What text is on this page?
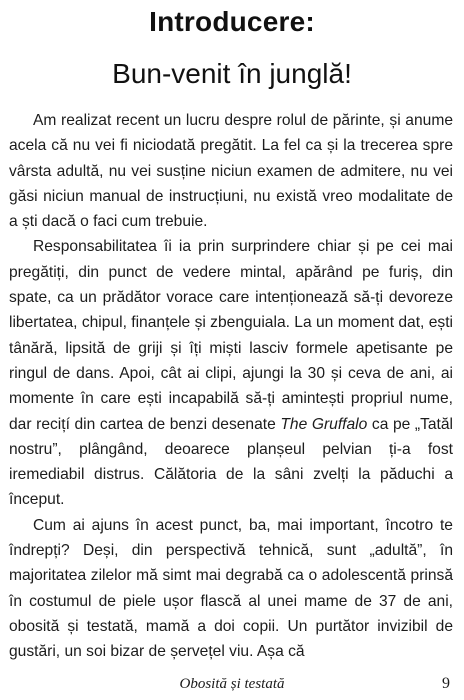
Introducere:
Bun-venit în junglă!

Am realizat recent un lucru despre rolul de părinte, și anume acela că nu vei fi niciodată pregătit. La fel ca și la trecerea spre vârsta adultă, nu vei susține niciun examen de admitere, nu vei găsi niciun manual de instrucțiuni, nu există vreo modalitate de a ști dacă o faci cum trebuie.

Responsabilitatea îi ia prin surprindere chiar și pe cei mai pregătiți, din punct de vedere mintal, apărând pe furiș, din spate, ca un prădător vorace care intenționează să-ți devoreze libertatea, chipul, finanțele și zbenguiala. La un moment dat, ești tânără, lipsită de griji și îți miști lasciv formele apetisante pe ringul de dans. Apoi, cât ai clipi, ajungi la 30 și ceva de ani, ai momente în care ești incapabilă să-ți amintești propriul nume, dar recițí din cartea de benzi desenate The Gruffalo ca pe „Tatăl nostru”, plângând, deoarece planșeul pelvian ți-a fost iremediabil distrus. Călătoria de la sâni zvelți la păduchi a început.

Cum ai ajuns în acest punct, ba, mai important, încotro te îndrepți? Deși, din perspectivă tehnică, sunt „adultă”, în majoritatea zilelor mă simt mai degrabă ca o adolescentă prinsă în costumul de piele ușor flască al unei mame de 37 de ani, obosită și testată, mamă a doi copii. Un purtător invizibil de gustări, un soi bizar de șervețel viu. Așa că

Obosită și testată	9
